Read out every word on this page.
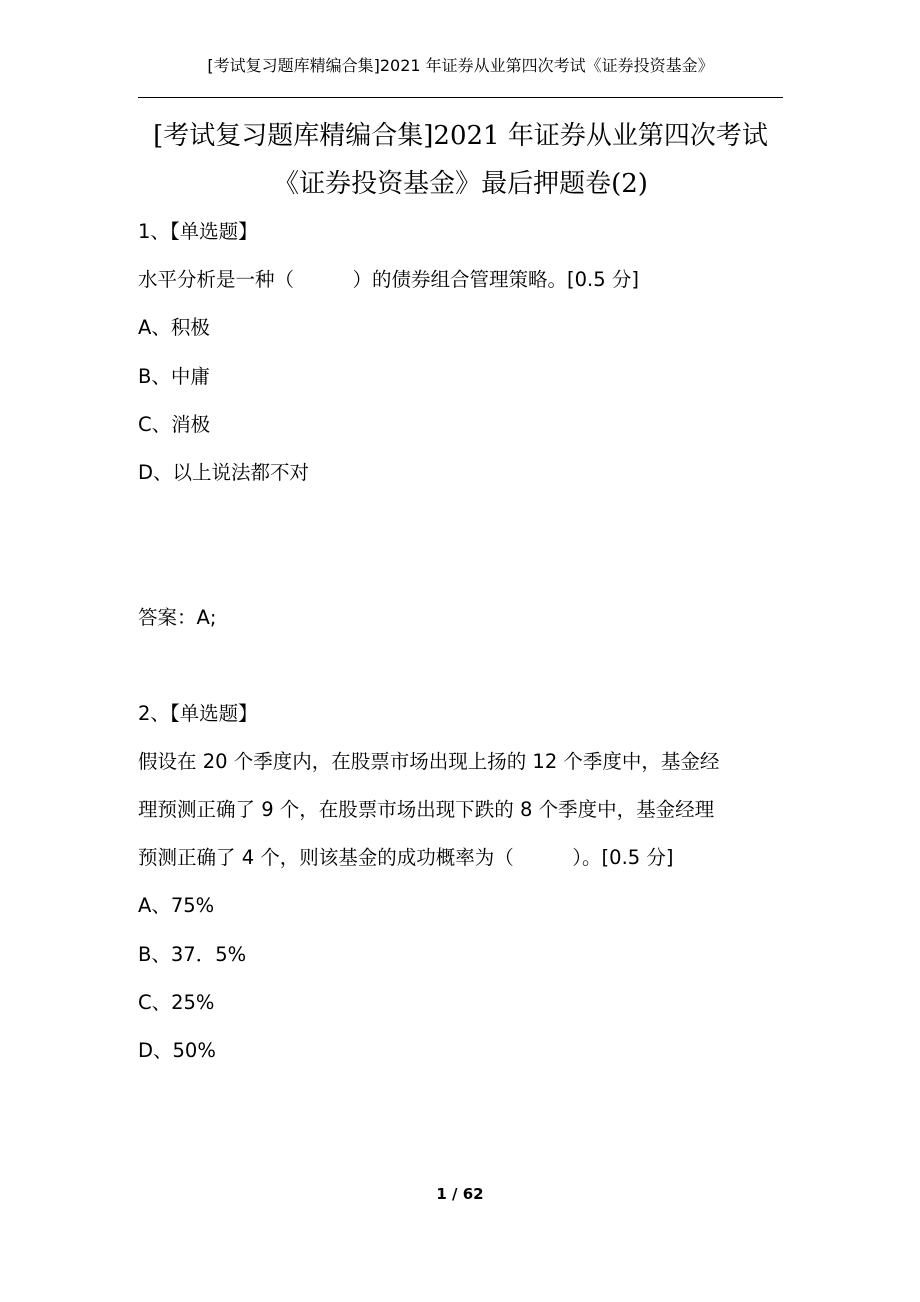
[考试复习题库精编合集]2021 年证券从业第四次考试《证券投资基金》
[考试复习题库精编合集]2021 年证券从业第四次考试
《证券投资基金》最后押题卷(2)
1、【单选题】
水平分析是一种（　　　）的债券组合管理策略。[0.5 分]
A、积极
B、中庸
C、消极
D、以上说法都不对
答案：A;
2、【单选题】
假设在 20 个季度内，在股票市场出现上扬的 12 个季度中，基金经
理预测正确了 9 个，在股票市场出现下跌的 8 个季度中，基金经理
预测正确了 4 个，则该基金的成功概率为（　　　）。[0.5 分]
A、75%
B、37．5%
C、25%
D、50%
1 / 62
